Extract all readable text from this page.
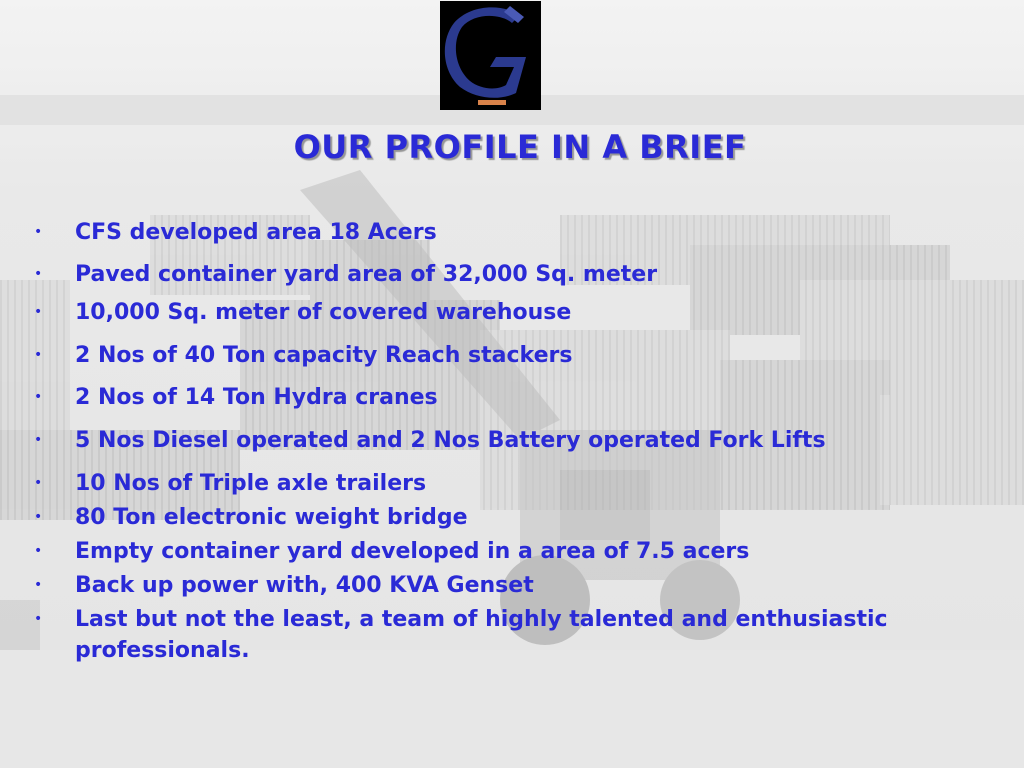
OUR PROFILE IN A BRIEF
• CFS developed area 18 Acers
• Paved container yard area of 32,000 Sq. meter
• 10,000 Sq. meter of covered warehouse
• 2 Nos of 40 Ton capacity Reach stackers
• 2 Nos of 14 Ton Hydra cranes
• 5 Nos Diesel operated and 2 Nos Battery operated Fork Lifts
• 10 Nos of Triple axle trailers
• 80 Ton electronic weight bridge
• Empty container yard developed in a area of 7.5 acers
• Back up power with, 400 KVA Genset
• Last but not the least, a team of highly talented and enthusiastic professionals.
